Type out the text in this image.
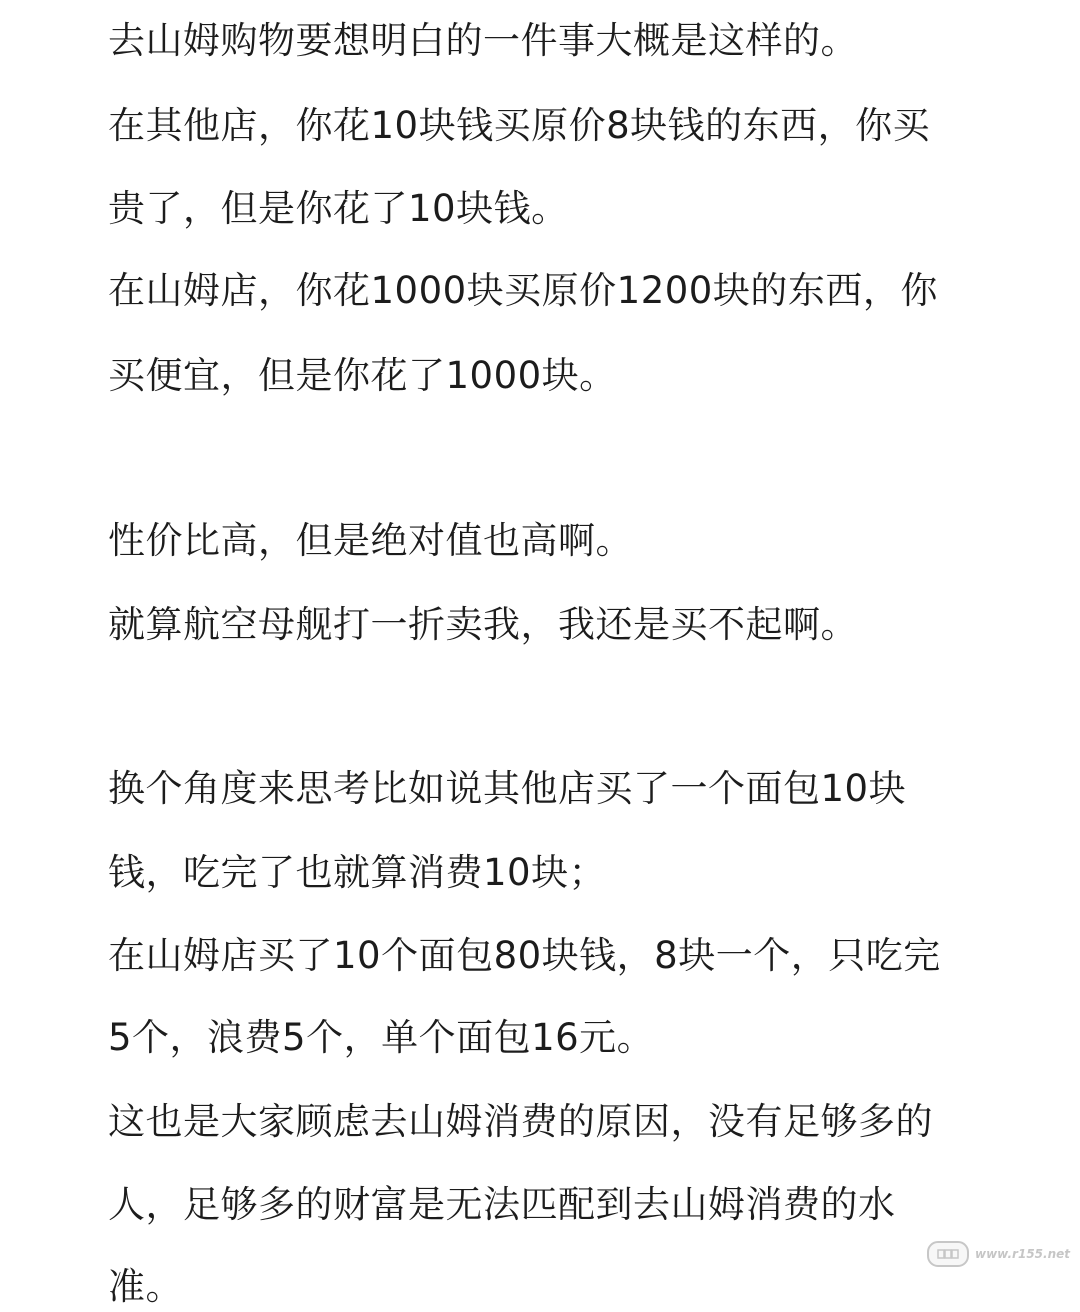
去山姆购物要想明白的一件事大概是这样的。
在其他店，你花10块钱买原价8块钱的东西，你买
贵了，但是你花了10块钱。
在山姆店，你花1000块买原价1200块的东西，你
买便宜，但是你花了1000块。
性价比高，但是绝对值也高啊。
就算航空母舰打一折卖我，我还是买不起啊。
换个角度来思考比如说其他店买了一个面包10块
钱，吃完了也就算消费10块；
在山姆店买了10个面包80块钱，8块一个，只吃完
5个，浪费5个，单个面包16元。
这也是大家顾虑去山姆消费的原因，没有足够多的
人，足够多的财富是无法匹配到去山姆消费的水
准。
www.r155.net
